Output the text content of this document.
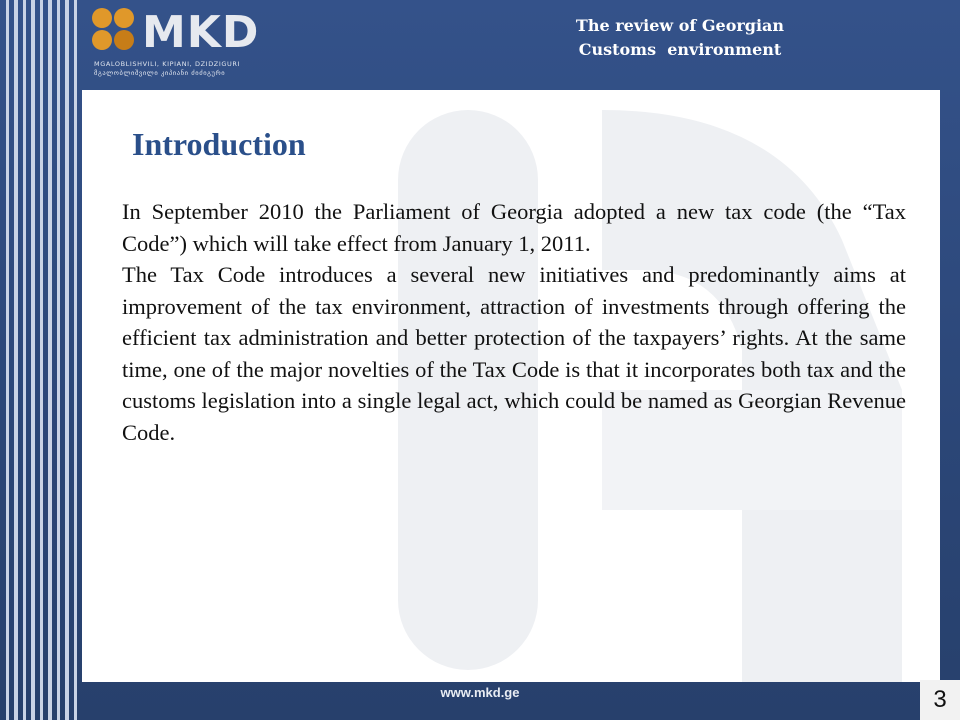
MKD
MGALOBLISHVILI, KIPIANI, DZIDZIGURI
მგალობლიშვილი კიპიანი ძიძიგური
The review of Georgian
Customs  environment
Introduction

In September 2010 the Parliament of Georgia adopted a new tax code (the “Tax Code”) which will take effect from January 1, 2011.

The Tax Code introduces a several new initiatives and predominantly aims at improvement of the tax environment, attraction of investments through offering the efficient tax administration and better protection of the taxpayers’ rights. At the same time, one of the major novelties of the Tax Code is that it incorporates both tax and the customs legislation into a single legal act, which could be named as Georgian Revenue Code.

www.mkd.ge	3
